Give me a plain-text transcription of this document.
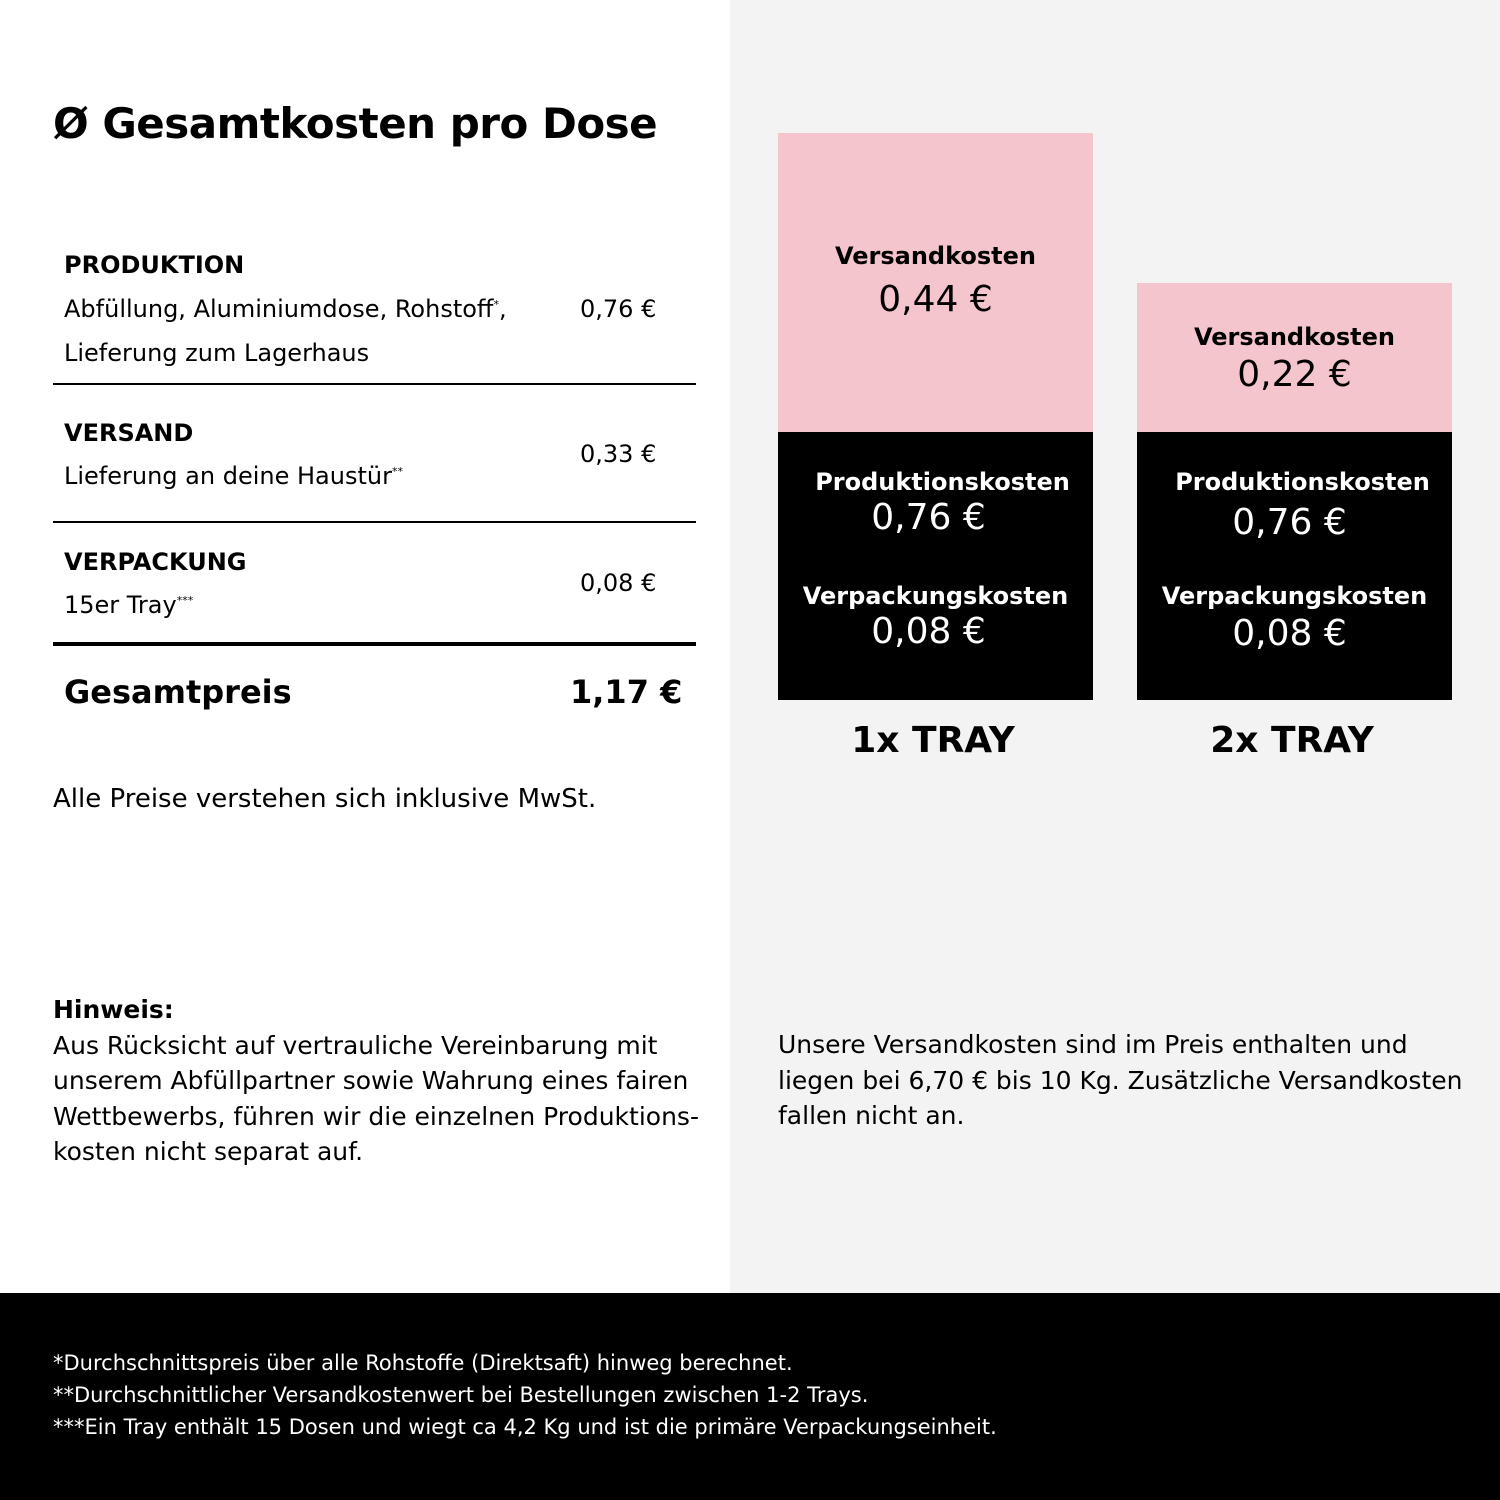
Ø Gesamtkosten pro Dose
PRODUKTION
Abfüllung, Aluminiumdose, Rohstoff*,
Lieferung zum Lagerhaus
0,76 €
VERSAND
Lieferung an deine Haustür**
0,33 €
VERPACKUNG
15er Tray***
0,08 €
Gesamtpreis	1,17 €
Alle Preise verstehen sich inklusive MwSt.
Hinweis:
Aus Rücksicht auf vertrauliche Vereinbarung mit unserem Abfüllpartner sowie Wahrung eines fairen Wettbewerbs, führen wir die einzelnen Produktions-kosten nicht separat auf.
Versandkosten
0,44 €
Produktionskosten
0,76 €
Verpackungskosten
0,08 €
1x TRAY
Versandkosten
0,22 €
Produktionskosten
0,76 €
Verpackungskosten
0,08 €
2x TRAY
Unsere Versandkosten sind im Preis enthalten und liegen bei 6,70 € bis 10 Kg. Zusätzliche Versandkosten fallen nicht an.
*Durchschnittspreis über alle Rohstoffe (Direktsaft) hinweg berechnet.
**Durchschnittlicher Versandkostenwert bei Bestellungen zwischen 1-2 Trays.
***Ein Tray enthält 15 Dosen und wiegt ca 4,2 Kg und ist die primäre Verpackungseinheit.
